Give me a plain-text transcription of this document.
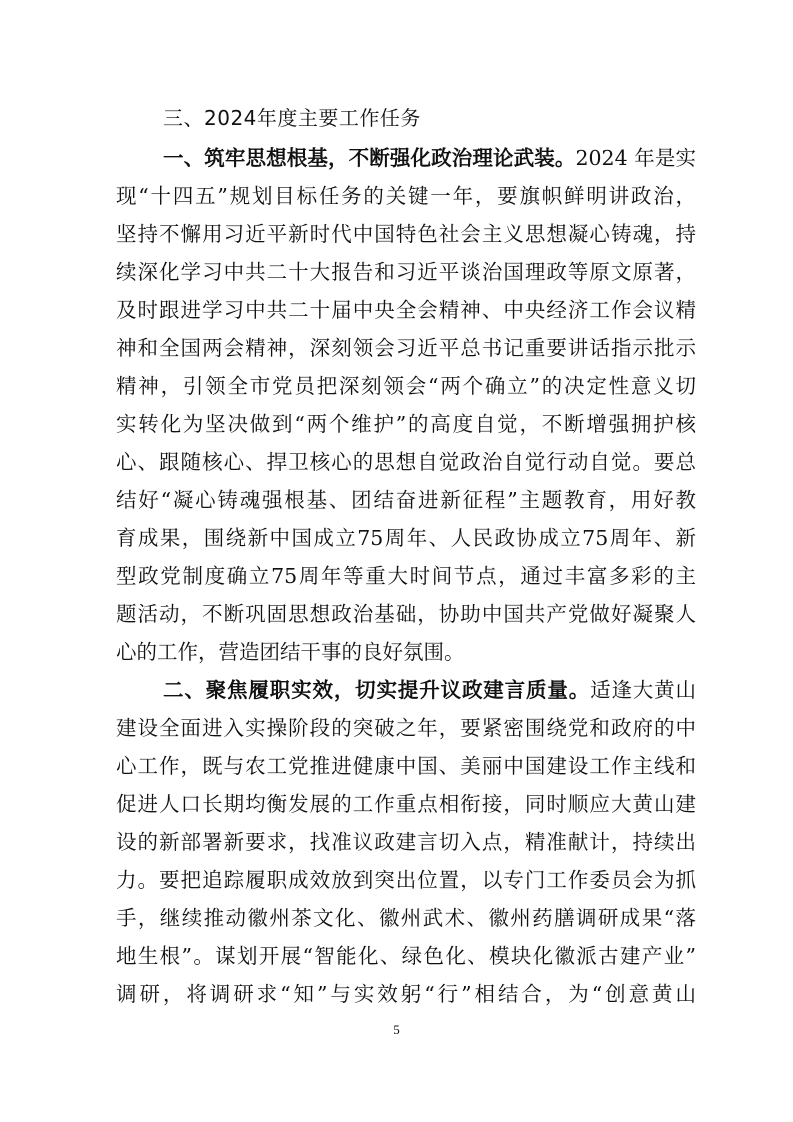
三、2024年度主要工作任务
一、筑牢思想根基，不断强化政治理论武装。2024 年是实
现“十四五”规划目标任务的关键一年，要旗帜鲜明讲政治，
坚持不懈用习近平新时代中国特色社会主义思想凝心铸魂，持
续深化学习中共二十大报告和习近平谈治国理政等原文原著，
及时跟进学习中共二十届中央全会精神、中央经济工作会议精
神和全国两会精神，深刻领会习近平总书记重要讲话指示批示
精神，引领全市党员把深刻领会“两个确立”的决定性意义切
实转化为坚决做到“两个维护”的高度自觉，不断增强拥护核
心、跟随核心、捍卫核心的思想自觉政治自觉行动自觉。要总
结好“凝心铸魂强根基、团结奋进新征程”主题教育，用好教
育成果，围绕新中国成立75周年、人民政协成立75周年、新
型政党制度确立75周年等重大时间节点，通过丰富多彩的主
题活动，不断巩固思想政治基础，协助中国共产党做好凝聚人
心的工作，营造团结干事的良好氛围。
二、聚焦履职实效，切实提升议政建言质量。适逢大黄山
建设全面进入实操阶段的突破之年，要紧密围绕党和政府的中
心工作，既与农工党推进健康中国、美丽中国建设工作主线和
促进人口长期均衡发展的工作重点相衔接，同时顺应大黄山建
设的新部署新要求，找准议政建言切入点，精准献计，持续出
力。要把追踪履职成效放到突出位置，以专门工作委员会为抓
手，继续推动徽州茶文化、徽州武术、徽州药膳调研成果“落
地生根”。谋划开展“智能化、绿色化、模块化徽派古建产业”
调研，将调研求“知”与实效躬“行”相结合，为“创意黄山
5
